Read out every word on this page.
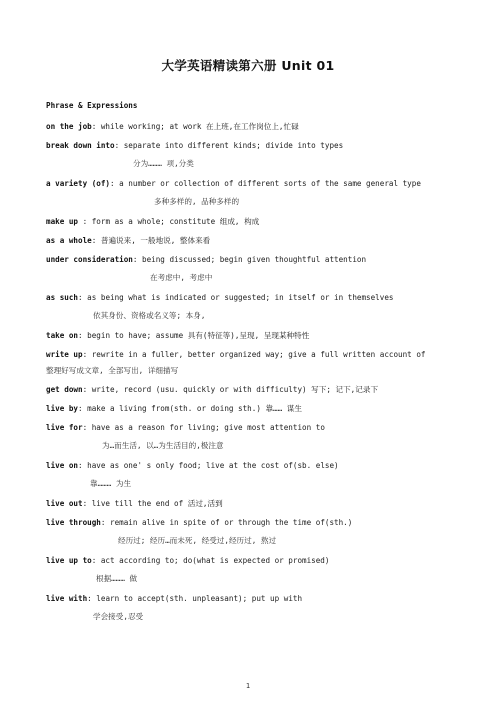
大学英语精读第六册 Unit 01
Phrase & Expressions
on the job: while working; at work 在上班,在工作岗位上,忙碌
break down into: separate into different kinds; divide into types
分为……… 项,分类
a variety (of): a number or collection of different sorts of the same general type
多种多样的, 品种多样的
make up : form as a whole; constitute 组成, 构成
as a whole: 普遍说来, 一般地说, 整体来看
under consideration: being discussed; begin given thoughtful attention
在考虑中, 考虑中
as such: as being what is indicated or suggested; in itself or in themselves
依其身份、资格或名义等; 本身,
take on: begin to have; assume 具有(特征等),呈现, 呈现某种特性
write up: rewrite in a fuller, better organized way; give a full written account of
整理好写成文章, 全部写出, 详细描写
get down: write, record (usu. quickly or with difficulty) 写下; 记下,记录下
live by: make a living from(sth. or doing sth.) 靠…… 谋生
live for: have as a reason for living; give most attention to
为…而生活, 以…为生活目的,极注意
live on: have as one' s only food; live at the cost of(sb. else)
靠……… 为生
live out: live till the end of 活过,活到
live through: remain alive in spite of or through the time of(sth.)
经历过; 经历…而未死, 经受过,经历过, 熬过
live up to: act according to; do(what is expected or promised)
根据……… 做
live with: learn to accept(sth. unpleasant); put up with
学会接受,忍受
1
